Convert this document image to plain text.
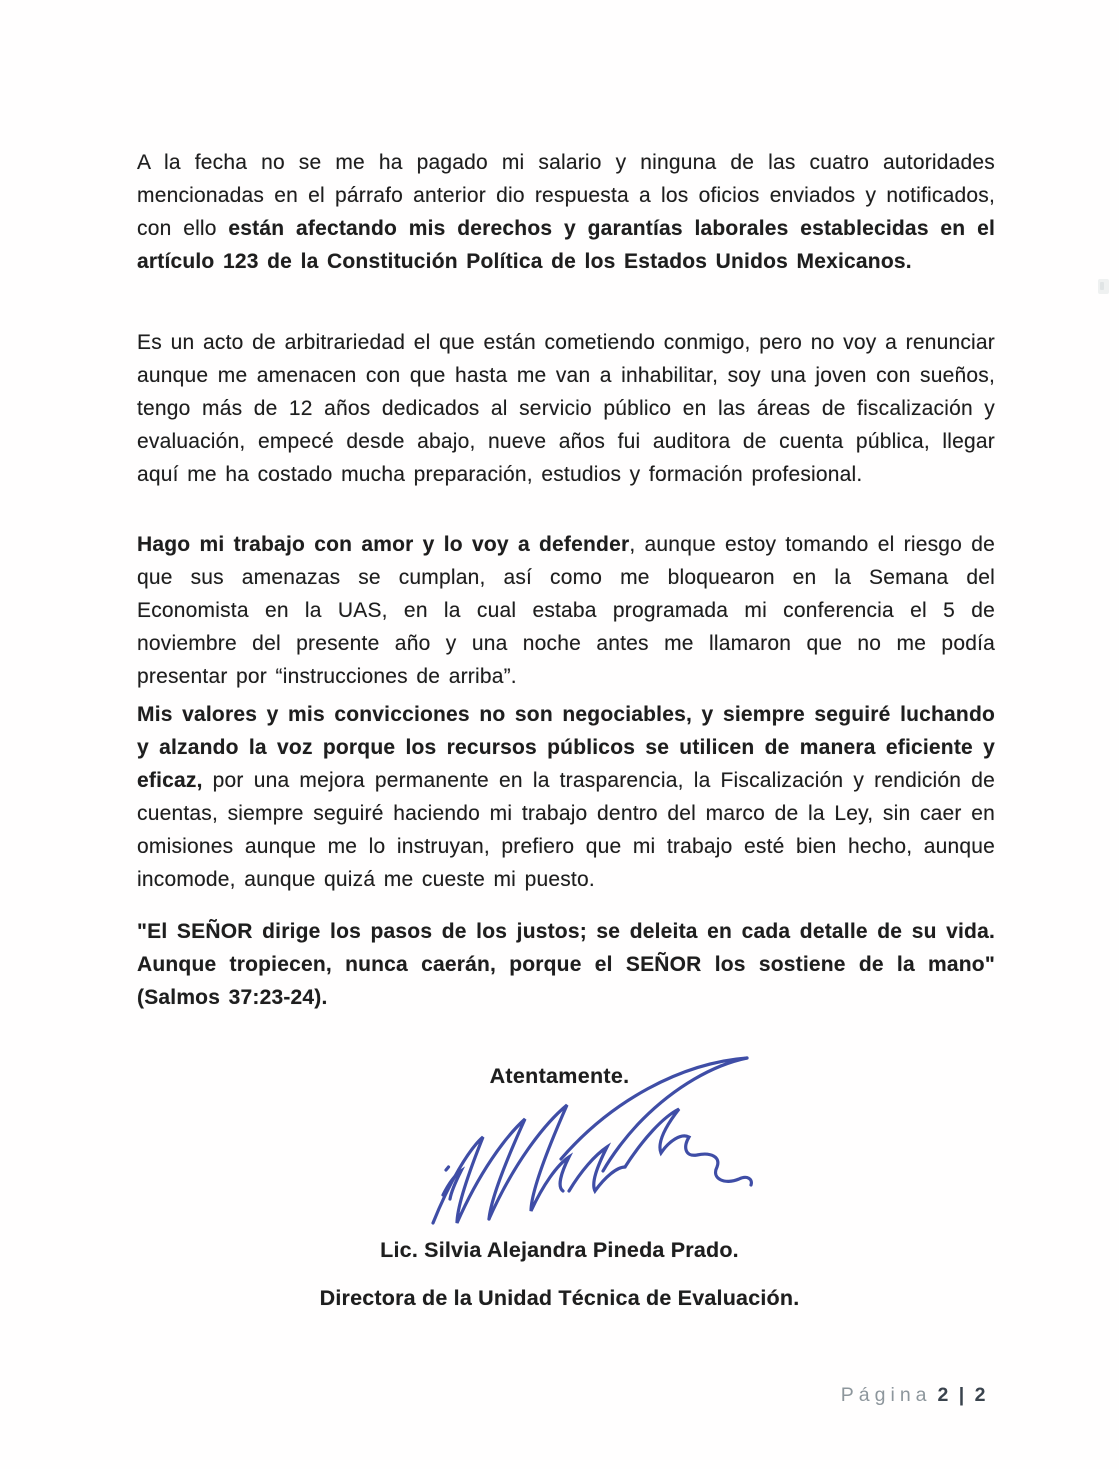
A la fecha no se me ha pagado mi salario y ninguna de las cuatro autoridades mencionadas en el párrafo anterior dio respuesta a los oficios enviados y notificados, con ello están afectando mis derechos y garantías laborales establecidas en el artículo 123 de la Constitución Política de los Estados Unidos Mexicanos.

Es un acto de arbitrariedad el que están cometiendo conmigo, pero no voy a renunciar aunque me amenacen con que hasta me van a inhabilitar, soy una joven con sueños, tengo más de 12 años dedicados al servicio público en las áreas de fiscalización y evaluación, empecé desde abajo, nueve años fui auditora de cuenta pública, llegar aquí me ha costado mucha preparación, estudios y formación profesional.

Hago mi trabajo con amor y lo voy a defender, aunque estoy tomando el riesgo de que sus amenazas se cumplan, así como me bloquearon en la Semana del Economista en la UAS, en la cual estaba programada mi conferencia el 5 de noviembre del presente año y una noche antes me llamaron que no me podía presentar por “instrucciones de arriba”.

Mis valores y mis convicciones no son negociables, y siempre seguiré luchando y alzando la voz porque los recursos públicos se utilicen de manera eficiente y eficaz, por una mejora permanente en la trasparencia, la Fiscalización y rendición de cuentas, siempre seguiré haciendo mi trabajo dentro del marco de la Ley, sin caer en omisiones aunque me lo instruyan, prefiero que mi trabajo esté bien hecho, aunque incomode, aunque quizá me cueste mi puesto.

"El SEÑOR dirige los pasos de los justos; se deleita en cada detalle de su vida. Aunque tropiecen, nunca caerán, porque el SEÑOR los sostiene de la mano" (Salmos 37:23-24).

Atentamente.
Lic. Silvia Alejandra Pineda Prado.
Directora de la Unidad Técnica de Evaluación.
Página 2 | 2
